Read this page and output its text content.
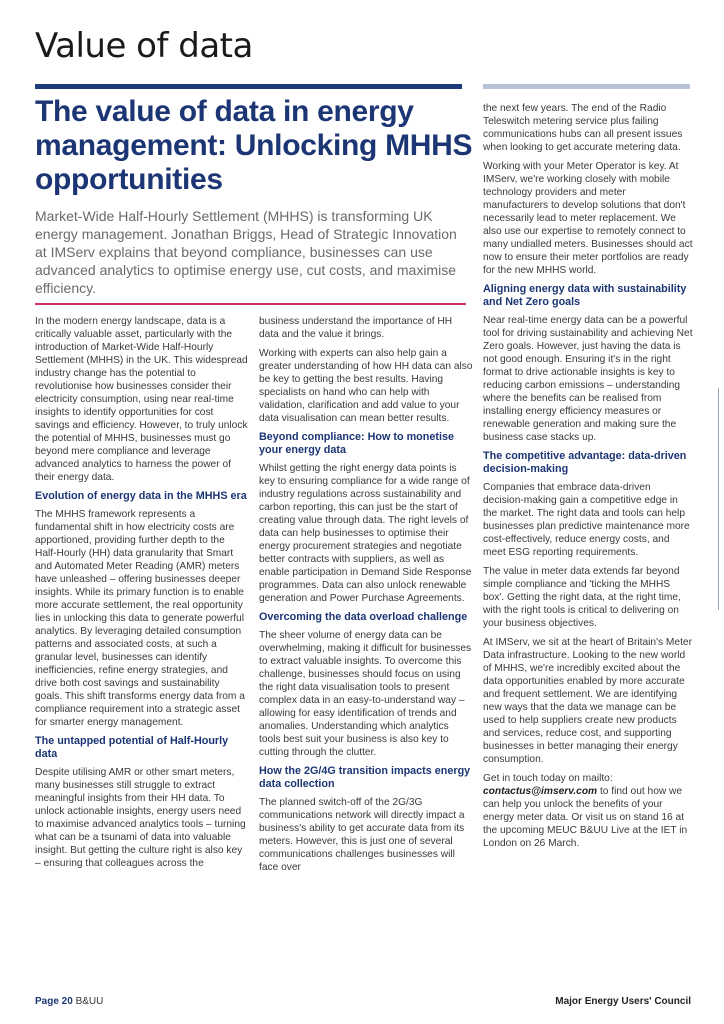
Value of data
The value of data in energy management: Unlocking MHHS opportunities

Market-Wide Half-Hourly Settlement (MHHS) is transforming UK energy management. Jonathan Briggs, Head of Strategic Innovation at IMServ explains that beyond compliance, businesses can use advanced analytics to optimise energy use, cut costs, and maximise efficiency.

In the modern energy landscape, data is a critically valuable asset, particularly with the introduction of Market-Wide Half-Hourly Settlement (MHHS) in the UK. This widespread industry change has the potential to revolutionise how businesses consider their electricity consumption, using near real-time insights to identify opportunities for cost savings and efficiency. However, to truly unlock the potential of MHHS, businesses must go beyond mere compliance and leverage advanced analytics to harness the power of their energy data.

Evolution of energy data in the MHHS era

The MHHS framework represents a fundamental shift in how electricity costs are apportioned, providing further depth to the Half-Hourly (HH) data granularity that Smart and Automated Meter Reading (AMR) meters have unleashed – offering businesses deeper insights. While its primary function is to enable more accurate settlement, the real opportunity lies in unlocking this data to generate powerful analytics. By leveraging detailed consumption patterns and associated costs, at such a granular level, businesses can identify inefficiencies, refine energy strategies, and drive both cost savings and sustainability goals. This shift transforms energy data from a compliance requirement into a strategic asset for smarter energy management.

The untapped potential of Half-Hourly data

Despite utilising AMR or other smart meters, many businesses still struggle to extract meaningful insights from their HH data. To unlock actionable insights, energy users need to maximise advanced analytics tools – turning what can be a tsunami of data into valuable insight. But getting the culture right is also key – ensuring that colleagues across the

business understand the importance of HH data and the value it brings.

Working with experts can also help gain a greater understanding of how HH data can also be key to getting the best results. Having specialists on hand who can help with validation, clarification and add value to your data visualisation can mean better results.

Beyond compliance: How to monetise your energy data

Whilst getting the right energy data points is key to ensuring compliance for a wide range of industry regulations across sustainability and carbon reporting, this can just be the start of creating value through data. The right levels of data can help businesses to optimise their energy procurement strategies and negotiate better contracts with suppliers, as well as enable participation in Demand Side Response programmes. Data can also unlock renewable generation and Power Purchase Agreements.

Overcoming the data overload challenge

The sheer volume of energy data can be overwhelming, making it difficult for businesses to extract valuable insights. To overcome this challenge, businesses should focus on using the right data visualisation tools to present complex data in an easy-to-understand way – allowing for easy identification of trends and anomalies. Understanding which analytics tools best suit your business is also key to cutting through the clutter.

How the 2G/4G transition impacts energy data collection

The planned switch-off of the 2G/3G communications network will directly impact a business's ability to get accurate data from its meters. However, this is just one of several communications challenges businesses will face over

the next few years. The end of the Radio Teleswitch metering service plus failing communications hubs can all present issues when looking to get accurate metering data.

Working with your Meter Operator is key. At IMServ, we're working closely with mobile technology providers and meter manufacturers to develop solutions that don't necessarily lead to meter replacement. We also use our expertise to remotely connect to many undialled meters. Businesses should act now to ensure their meter portfolios are ready for the new MHHS world.

Aligning energy data with sustainability and Net Zero goals

Near real-time energy data can be a powerful tool for driving sustainability and achieving Net Zero goals. However, just having the data is not good enough. Ensuring it's in the right format to drive actionable insights is key to reducing carbon emissions – understanding where the benefits can be realised from installing energy efficiency measures or renewable generation and making sure the business case stacks up.

The competitive advantage: data-driven decision-making

Companies that embrace data-driven decision-making gain a competitive edge in the market. The right data and tools can help businesses plan predictive maintenance more cost-effectively, reduce energy costs, and meet ESG reporting requirements.

The value in meter data extends far beyond simple compliance and 'ticking the MHHS box'. Getting the right data, at the right time, with the right tools is critical to delivering on your business objectives.

At IMServ, we sit at the heart of Britain's Meter Data infrastructure. Looking to the new world of MHHS, we're incredibly excited about the data opportunities enabled by more accurate and frequent settlement. We are identifying new ways that the data we manage can be used to help suppliers create new products and services, reduce cost, and supporting businesses in better managing their energy consumption.

Get in touch today on mailto: contactus@imserv.com to find out how we can help you unlock the benefits of your energy meter data. Or visit us on stand 16 at the upcoming MEUC B&UU Live at the IET in London on 26 March.

Page 20 B&UU	Major Energy Users' Council
